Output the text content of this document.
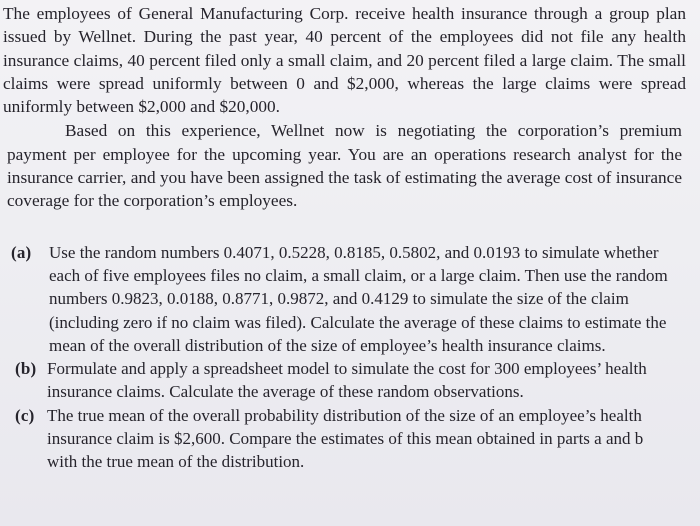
The employees of General Manufacturing Corp. receive health insurance through a group plan issued by Wellnet. During the past year, 40 percent of the employees did not file any health insurance claims, 40 percent filed only a small claim, and 20 percent filed a large claim. The small claims were spread uniformly between 0 and $2,000, whereas the large claims were spread uniformly between $2,000 and $20,000.

Based on this experience, Wellnet now is negotiating the corporation’s premium payment per employee for the upcoming year. You are an operations research analyst for the insurance carrier, and you have been assigned the task of estimating the average cost of insurance coverage for the corporation’s employees.

(a)	Use the random numbers 0.4071, 0.5228, 0.8185, 0.5802, and 0.0193 to simulate whether each of five employees files no claim, a small claim, or a large claim. Then use the random numbers 0.9823, 0.0188, 0.8771, 0.9872, and 0.4129 to simulate the size of the claim (including zero if no claim was filed). Calculate the average of these claims to estimate the mean of the overall distribution of the size of employee’s health insurance claims.
(b) Formulate and apply a spreadsheet model to simulate the cost for 300 employees’ health insurance claims. Calculate the average of these random observations.
(c) The true mean of the overall probability distribution of the size of an employee’s health insurance claim is $2,600. Compare the estimates of this mean obtained in parts a and b with the true mean of the distribution.
